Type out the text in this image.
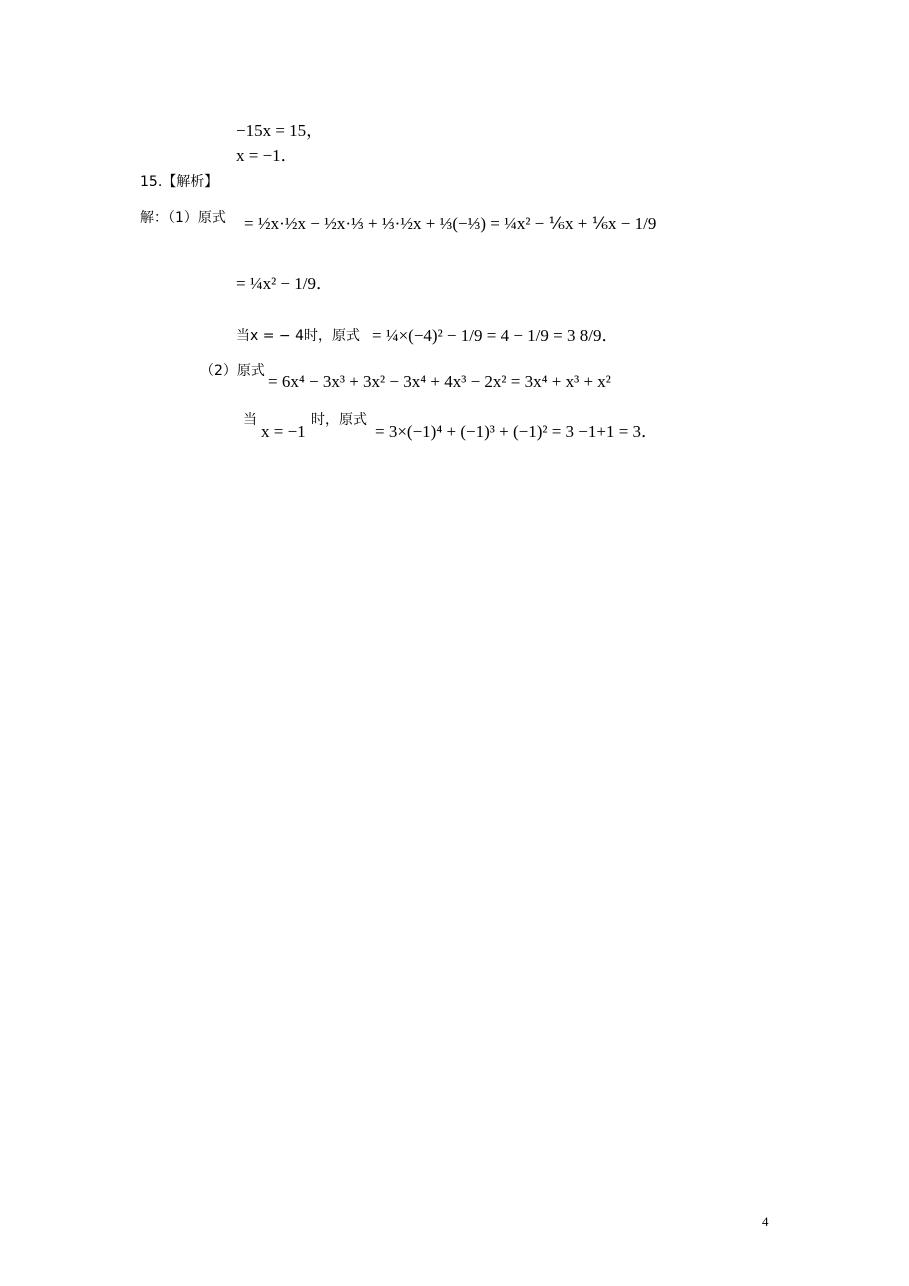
−15x = 15，
x = −1．
15.【解析】
解：（1）原式 = ½x·½x − ½x·⅓ + ⅓·½x + ⅓(−⅓) = ¼x² − ⅙x + ⅙x − 1/9
= ¼x² − 1/9．
当x = − 4时，原式 = ¼×(−4)² − 1/9 = 4 − 1/9 = 3 8/9．
（2）原式
= 6x⁴ − 3x³ + 3x² − 3x⁴ + 4x³ − 2x² = 3x⁴ + x³ + x²
当
x = −1
时，原式
= 3×(−1)⁴ + (−1)³ + (−1)² = 3 −1+1 = 3．
4
